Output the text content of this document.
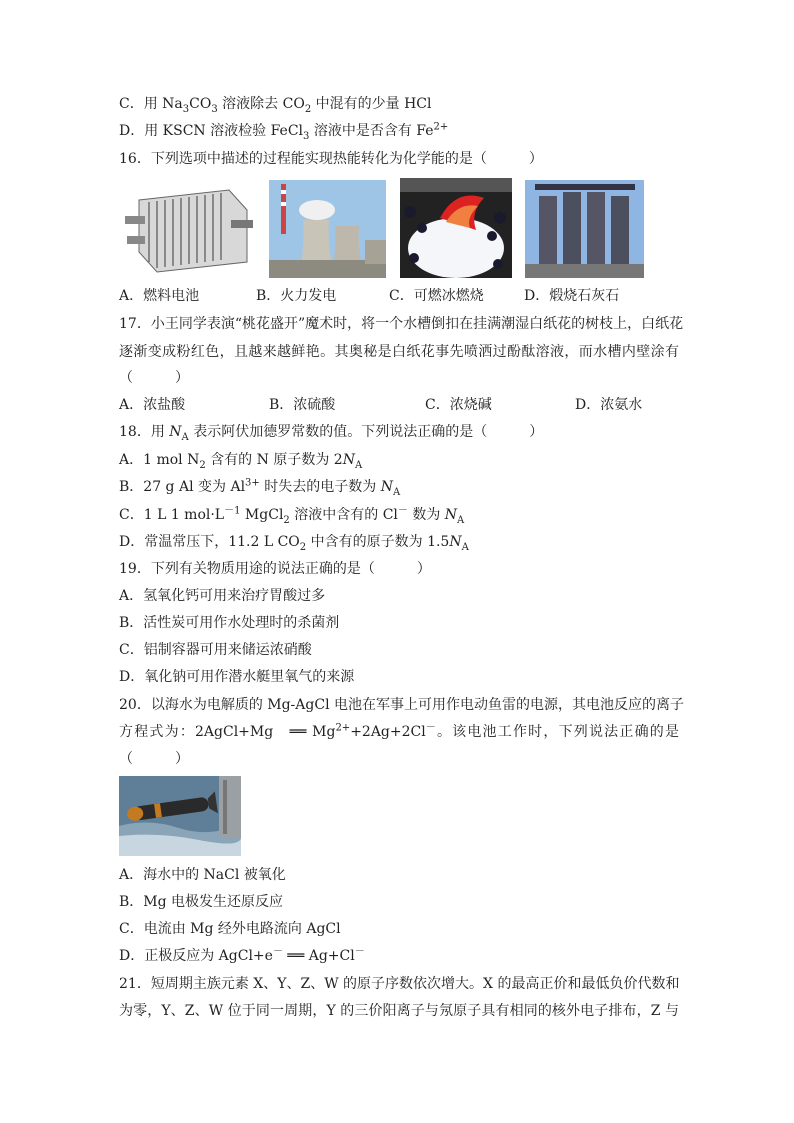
C．用 $Na_3CO_3$ 溶液除去 $CO_2$ 中混有的少量 HCl
D．用 KSCN 溶液检验 FeCl$_3$ 溶液中是否含有 $Fe^{2+}$
16．下列选项中描述的过程能实现热能转化为化学能的是（　　　）
A．燃料电池	B．火力发电	C．可燃冰燃烧	D．煅烧石灰石
17．小王同学表演“桃花盛开”魔术时，将一个水槽倒扣在挂满潮湿白纸花的树枝上，白纸花
逐渐变成粉红色，且越来越鲜艳。其奥秘是白纸花事先喷洒过酚酞溶液，而水槽内壁涂有
（　　　）
A．浓盐酸	B．浓硫酸	C．浓烧碱	D．浓氨水
18．用 $N_A$ 表示阿伏加德罗常数的值。下列说法正确的是（　　　）
A．1 mol $N_2$ 含有的 N 原子数为 $2N_A$
B．27 g Al 变为 $Al^{3+}$ 时失去的电子数为 $N_A$
C．1 L 1 $mol\cdot L^{-1}$ MgCl$_2$ 溶液中含有的 Cl－ 数为 $N_A$
D．常温常压下，11.2 L $CO_2$ 中含有的原子数为 $1.5N_A$
19．下列有关物质用途的说法正确的是（　　　）
A．氢氧化钙可用来治疗胃酸过多
B．活性炭可用作水处理时的杀菌剂
C．铝制容器可用来储运浓硝酸
D．氧化钠可用作潜水艇里氧气的来源
20．以海水为电解质的 Mg-AgCl 电池在军事上可用作电动鱼雷的电源，其电池反应的离子
方程式为：2AgCl+Mg　══ $Mg^{2+}+2Ag+2Cl^-$。该电池工作时，下列说法正确的是
（　　　）
A．海水中的 NaCl 被氧化
B．Mg 电极发生还原反应
C．电流由 Mg 经外电路流向 AgCl
D．正极反应为 AgCl+e－ ══ Ag+Cl－
21．短周期主族元素 X、Y、Z、W 的原子序数依次增大。X 的最高正价和最低负价代数和
为零，Y、Z、W 位于同一周期，Y 的三价阳离子与氖原子具有相同的核外电子排布，Z 与
